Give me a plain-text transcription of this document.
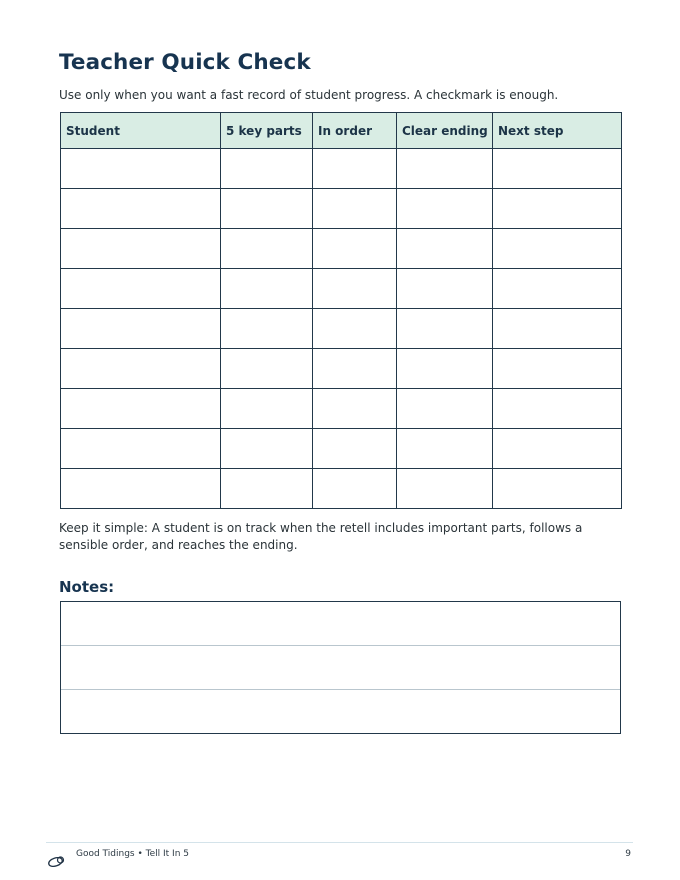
Teacher Quick Check

Use only when you want a fast record of student progress. A checkmark is enough.

Student	5 key parts	In order	Clear ending	Next step

Keep it simple: A student is on track when the retell includes important parts, follows a sensible order, and reaches the ending.

Notes:
Good Tidings • Tell It In 5	9
